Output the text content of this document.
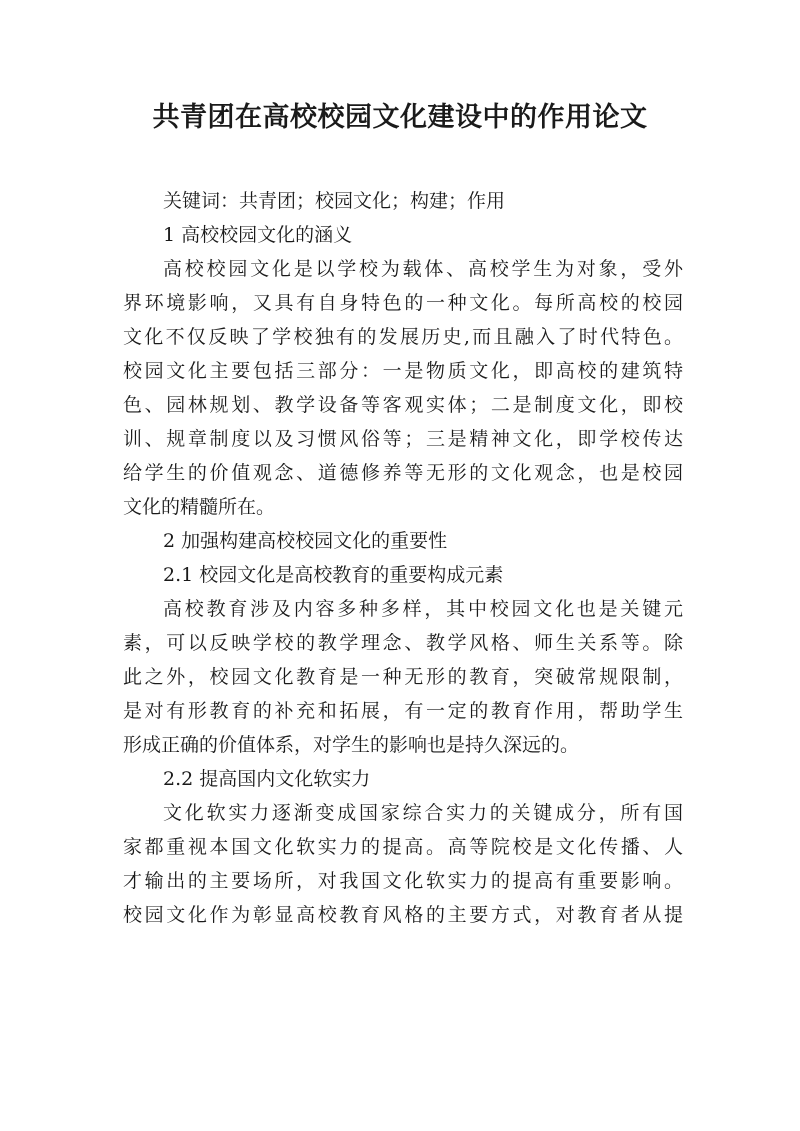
共青团在高校校园文化建设中的作用论文
关键词：共青团；校园文化；构建；作用
1 高校校园文化的涵义
高校校园文化是以学校为载体、高校学生为对象，受外
界环境影响，又具有自身特色的一种文化。每所高校的校园
文化不仅反映了学校独有的发展历史,而且融入了时代特色。
校园文化主要包括三部分：一是物质文化，即高校的建筑特
色、园林规划、教学设备等客观实体；二是制度文化，即校
训、规章制度以及习惯风俗等；三是精神文化，即学校传达
给学生的价值观念、道德修养等无形的文化观念，也是校园
文化的精髓所在。
2 加强构建高校校园文化的重要性
2.1 校园文化是高校教育的重要构成元素
高校教育涉及内容多种多样，其中校园文化也是关键元
素，可以反映学校的教学理念、教学风格、师生关系等。除
此之外，校园文化教育是一种无形的教育，突破常规限制，
是对有形教育的补充和拓展，有一定的教育作用，帮助学生
形成正确的价值体系，对学生的影响也是持久深远的。
2.2 提高国内文化软实力
文化软实力逐渐变成国家综合实力的关键成分，所有国
家都重视本国文化软实力的提高。高等院校是文化传播、人
才输出的主要场所，对我国文化软实力的提高有重要影响。
校园文化作为彰显高校教育风格的主要方式，对教育者从提
